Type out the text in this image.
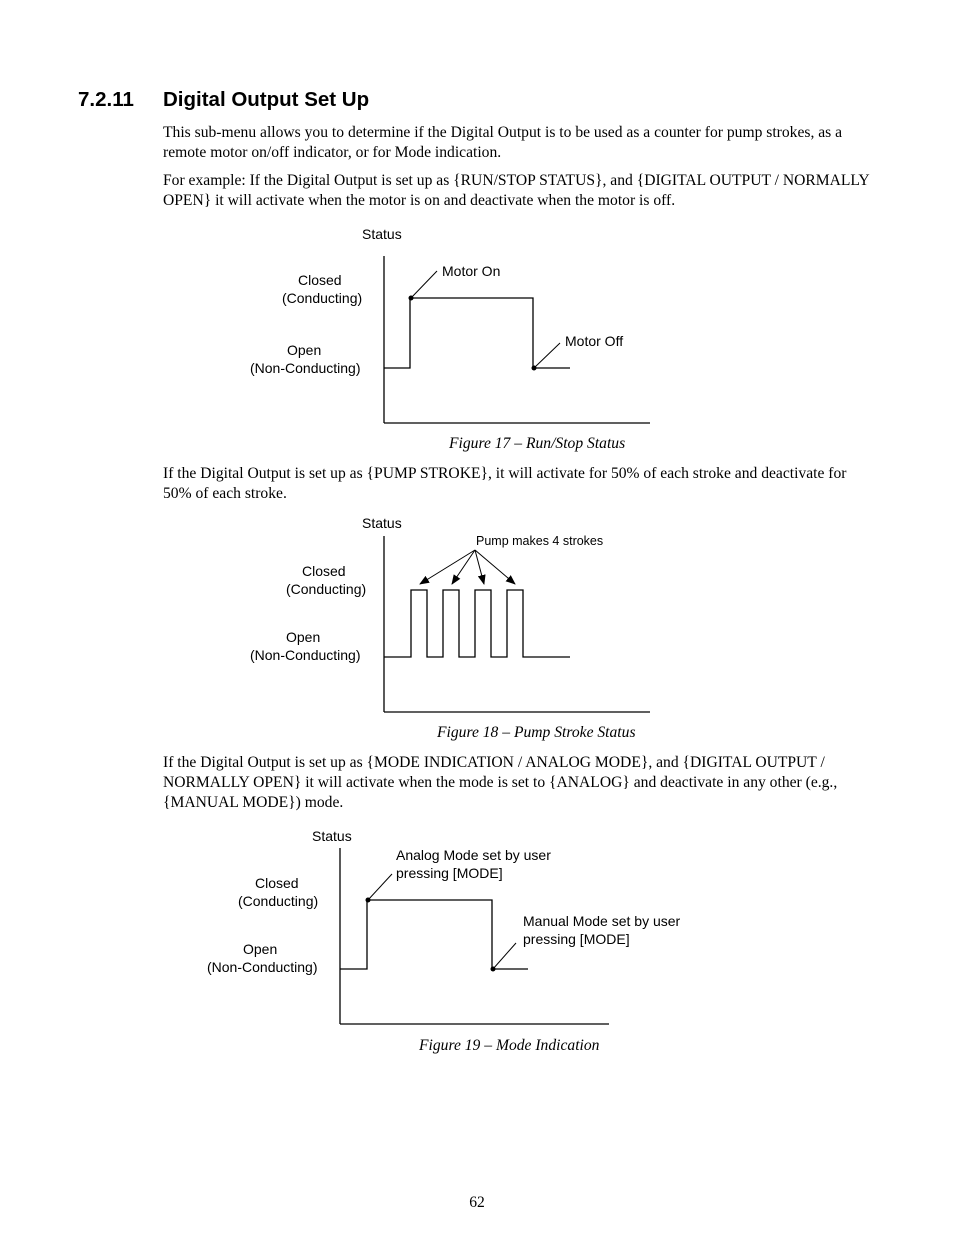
7.2.11 Digital Output Set Up
This sub-menu allows you to determine if the Digital Output is to be used as a counter for pump strokes, as a remote motor on/off indicator, or for Mode indication.
For example: If the Digital Output is set up as {RUN/STOP STATUS}, and {DIGITAL OUTPUT / NORMALLY OPEN} it will activate when the motor is on and deactivate when the motor is off.
Status
Closed
(Conducting)
Open
(Non-Conducting)
Motor On
Motor Off
Figure 17 – Run/Stop Status
If the Digital Output is set up as {PUMP STROKE}, it will activate for 50% of each stroke and deactivate for 50% of each stroke.
Status
Closed
(Conducting)
Open
(Non-Conducting)
Pump makes 4 strokes
Figure 18 – Pump Stroke Status
If the Digital Output is set up as {MODE INDICATION / ANALOG MODE}, and {DIGITAL OUTPUT / NORMALLY OPEN} it will activate when the mode is set to {ANALOG} and deactivate in any other (e.g., {MANUAL MODE}) mode.
Status
Closed
(Conducting)
Open
(Non-Conducting)
Analog Mode set by user
pressing [MODE]
Manual Mode set by user
pressing [MODE]
Figure 19 – Mode Indication
62
